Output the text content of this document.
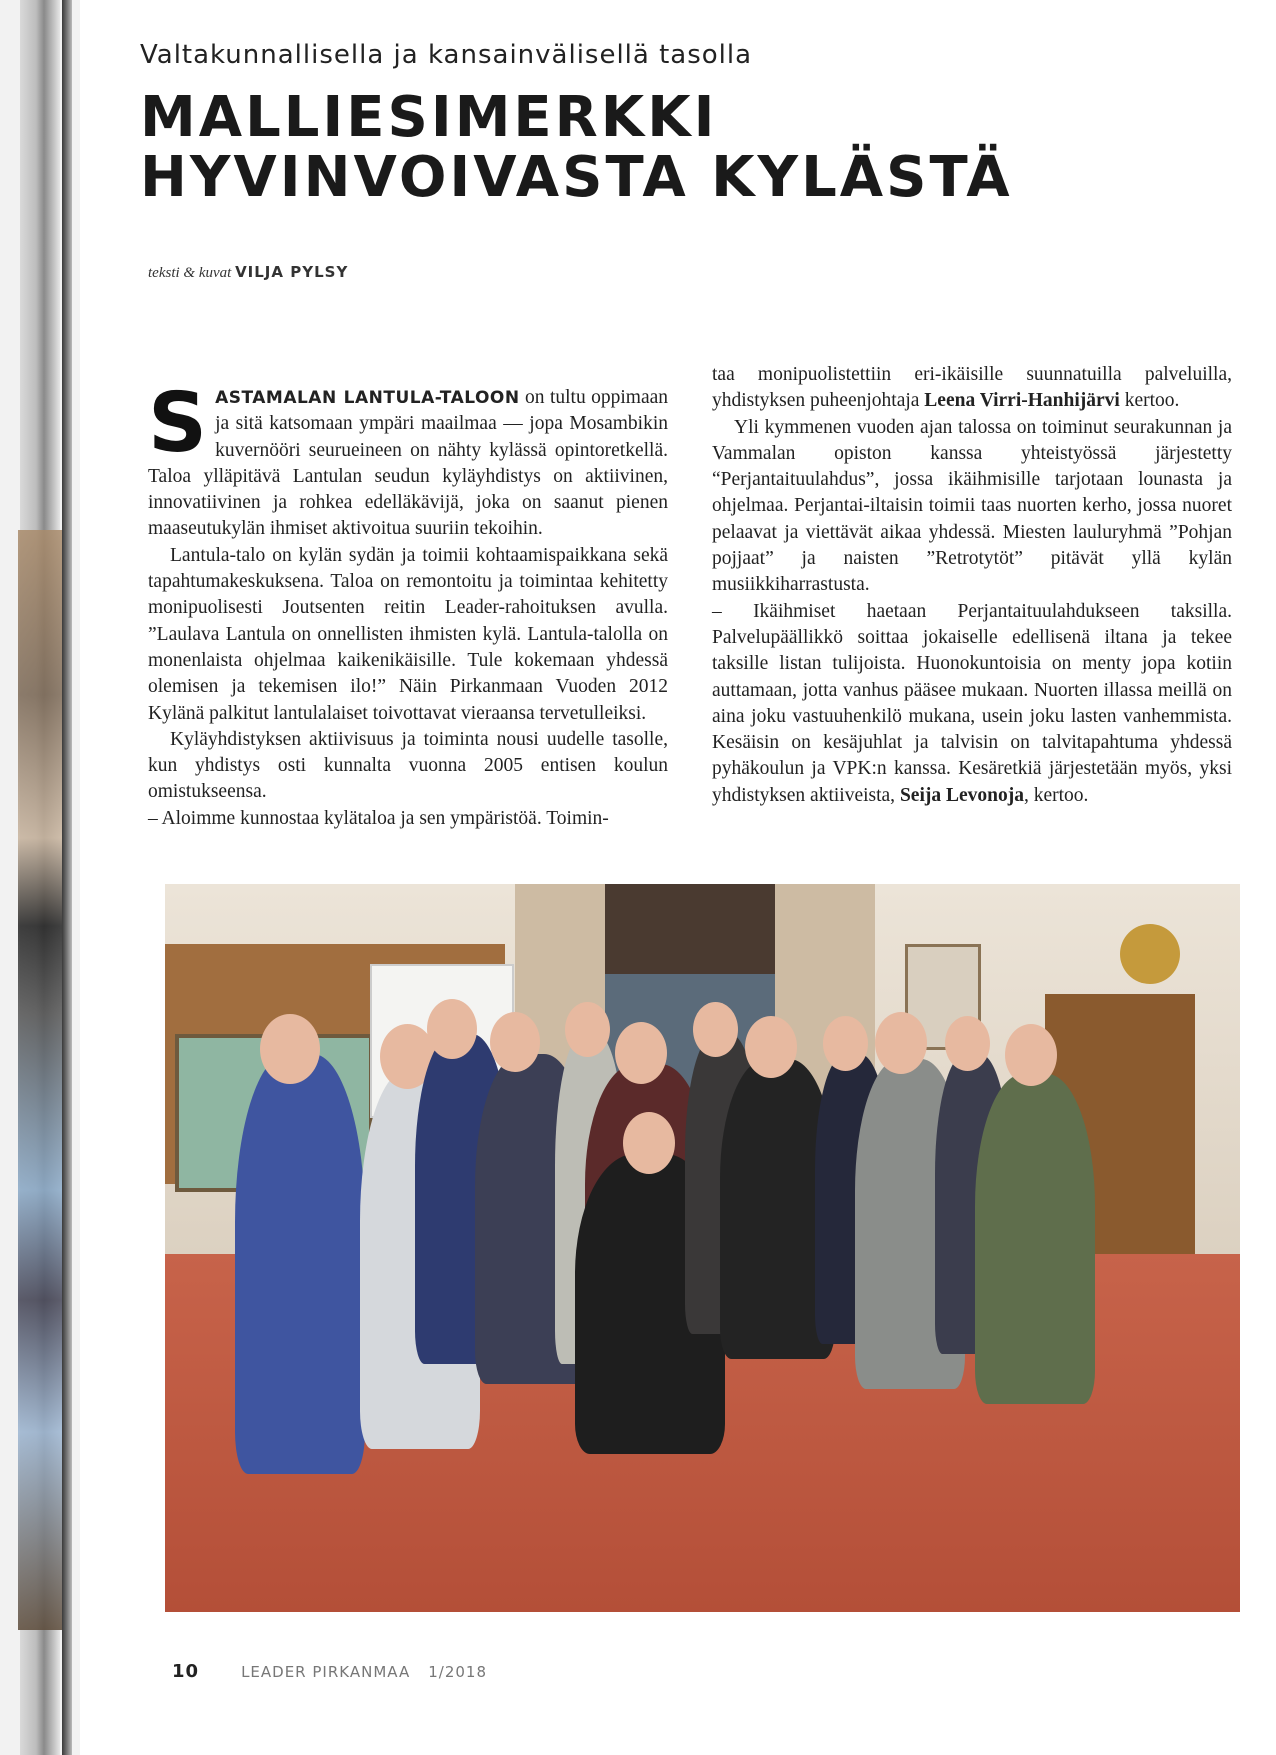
Valtakunnallisella ja kansainvälisellä tasolla
MALLIESIMERKKI
HYVINVOIVASTA KYLÄSTÄ
teksti & kuvat VILJA PYLSY

SASTAMALAN LANTULA-TALOON on tultu oppimaan ja sitä katsomaan ympäri maailmaa — jopa Mosambikin kuvernööri seurueineen on nähty kylässä opintoretkellä. Taloa ylläpitävä Lantulan seudun kyläyhdistys on aktiivinen, innovatiivinen ja rohkea edelläkävijä, joka on saanut pienen maaseutukylän ihmiset aktivoitua suuriin tekoihin.

Lantula-talo on kylän sydän ja toimii kohtaamispaikkana sekä tapahtumakeskuksena. Taloa on remontoitu ja toimintaa kehitetty monipuolisesti Joutsenten reitin Leader-rahoituksen avulla. ”Laulava Lantula on onnellisten ihmisten kylä. Lantula-talolla on monenlaista ohjelmaa kaikenikäisille. Tule kokemaan yhdessä olemisen ja tekemisen ilo!” Näin Pirkanmaan Vuoden 2012 Kylänä palkitut lantulalaiset toivottavat vieraansa tervetulleiksi.

Kyläyhdistyksen aktiivisuus ja toiminta nousi uudelle tasolle, kun yhdistys osti kunnalta vuonna 2005 entisen koulun omistukseensa.

– Aloimme kunnostaa kylätaloa ja sen ympäristöä. Toimin-

taa monipuolistettiin eri-ikäisille suunnatuilla palveluilla, yhdistyksen puheenjohtaja Leena Virri-Hanhijärvi kertoo.

Yli kymmenen vuoden ajan talossa on toiminut seurakunnan ja Vammalan opiston kanssa yhteistyössä järjestetty “Perjantaituulahdus”, jossa ikäihmisille tarjotaan lounasta ja ohjelmaa. Perjantai-iltaisin toimii taas nuorten kerho, jossa nuoret pelaavat ja viettävät aikaa yhdessä. Miesten lauluryhmä ”Pohjan pojjaat” ja naisten ”Retrotytöt” pitävät yllä kylän musiikkiharrastusta.

– Ikäihmiset haetaan Perjantaituulahdukseen taksilla. Palvelupäällikkö soittaa jokaiselle edellisenä iltana ja tekee taksille listan tulijoista. Huonokuntoisia on menty jopa kotiin auttamaan, jotta vanhus pääsee mukaan. Nuorten illassa meillä on aina joku vastuuhenkilö mukana, usein joku lasten vanhemmista. Kesäisin on kesäjuhlat ja talvisin on talvitapahtuma yhdessä pyhäkoulun ja VPK:n kanssa. Kesäretkiä järjestetään myös, yksi yhdistyksen aktiiveista, Seija Levonoja, kertoo.

10	LEADER PIRKANMAA 1/2018
